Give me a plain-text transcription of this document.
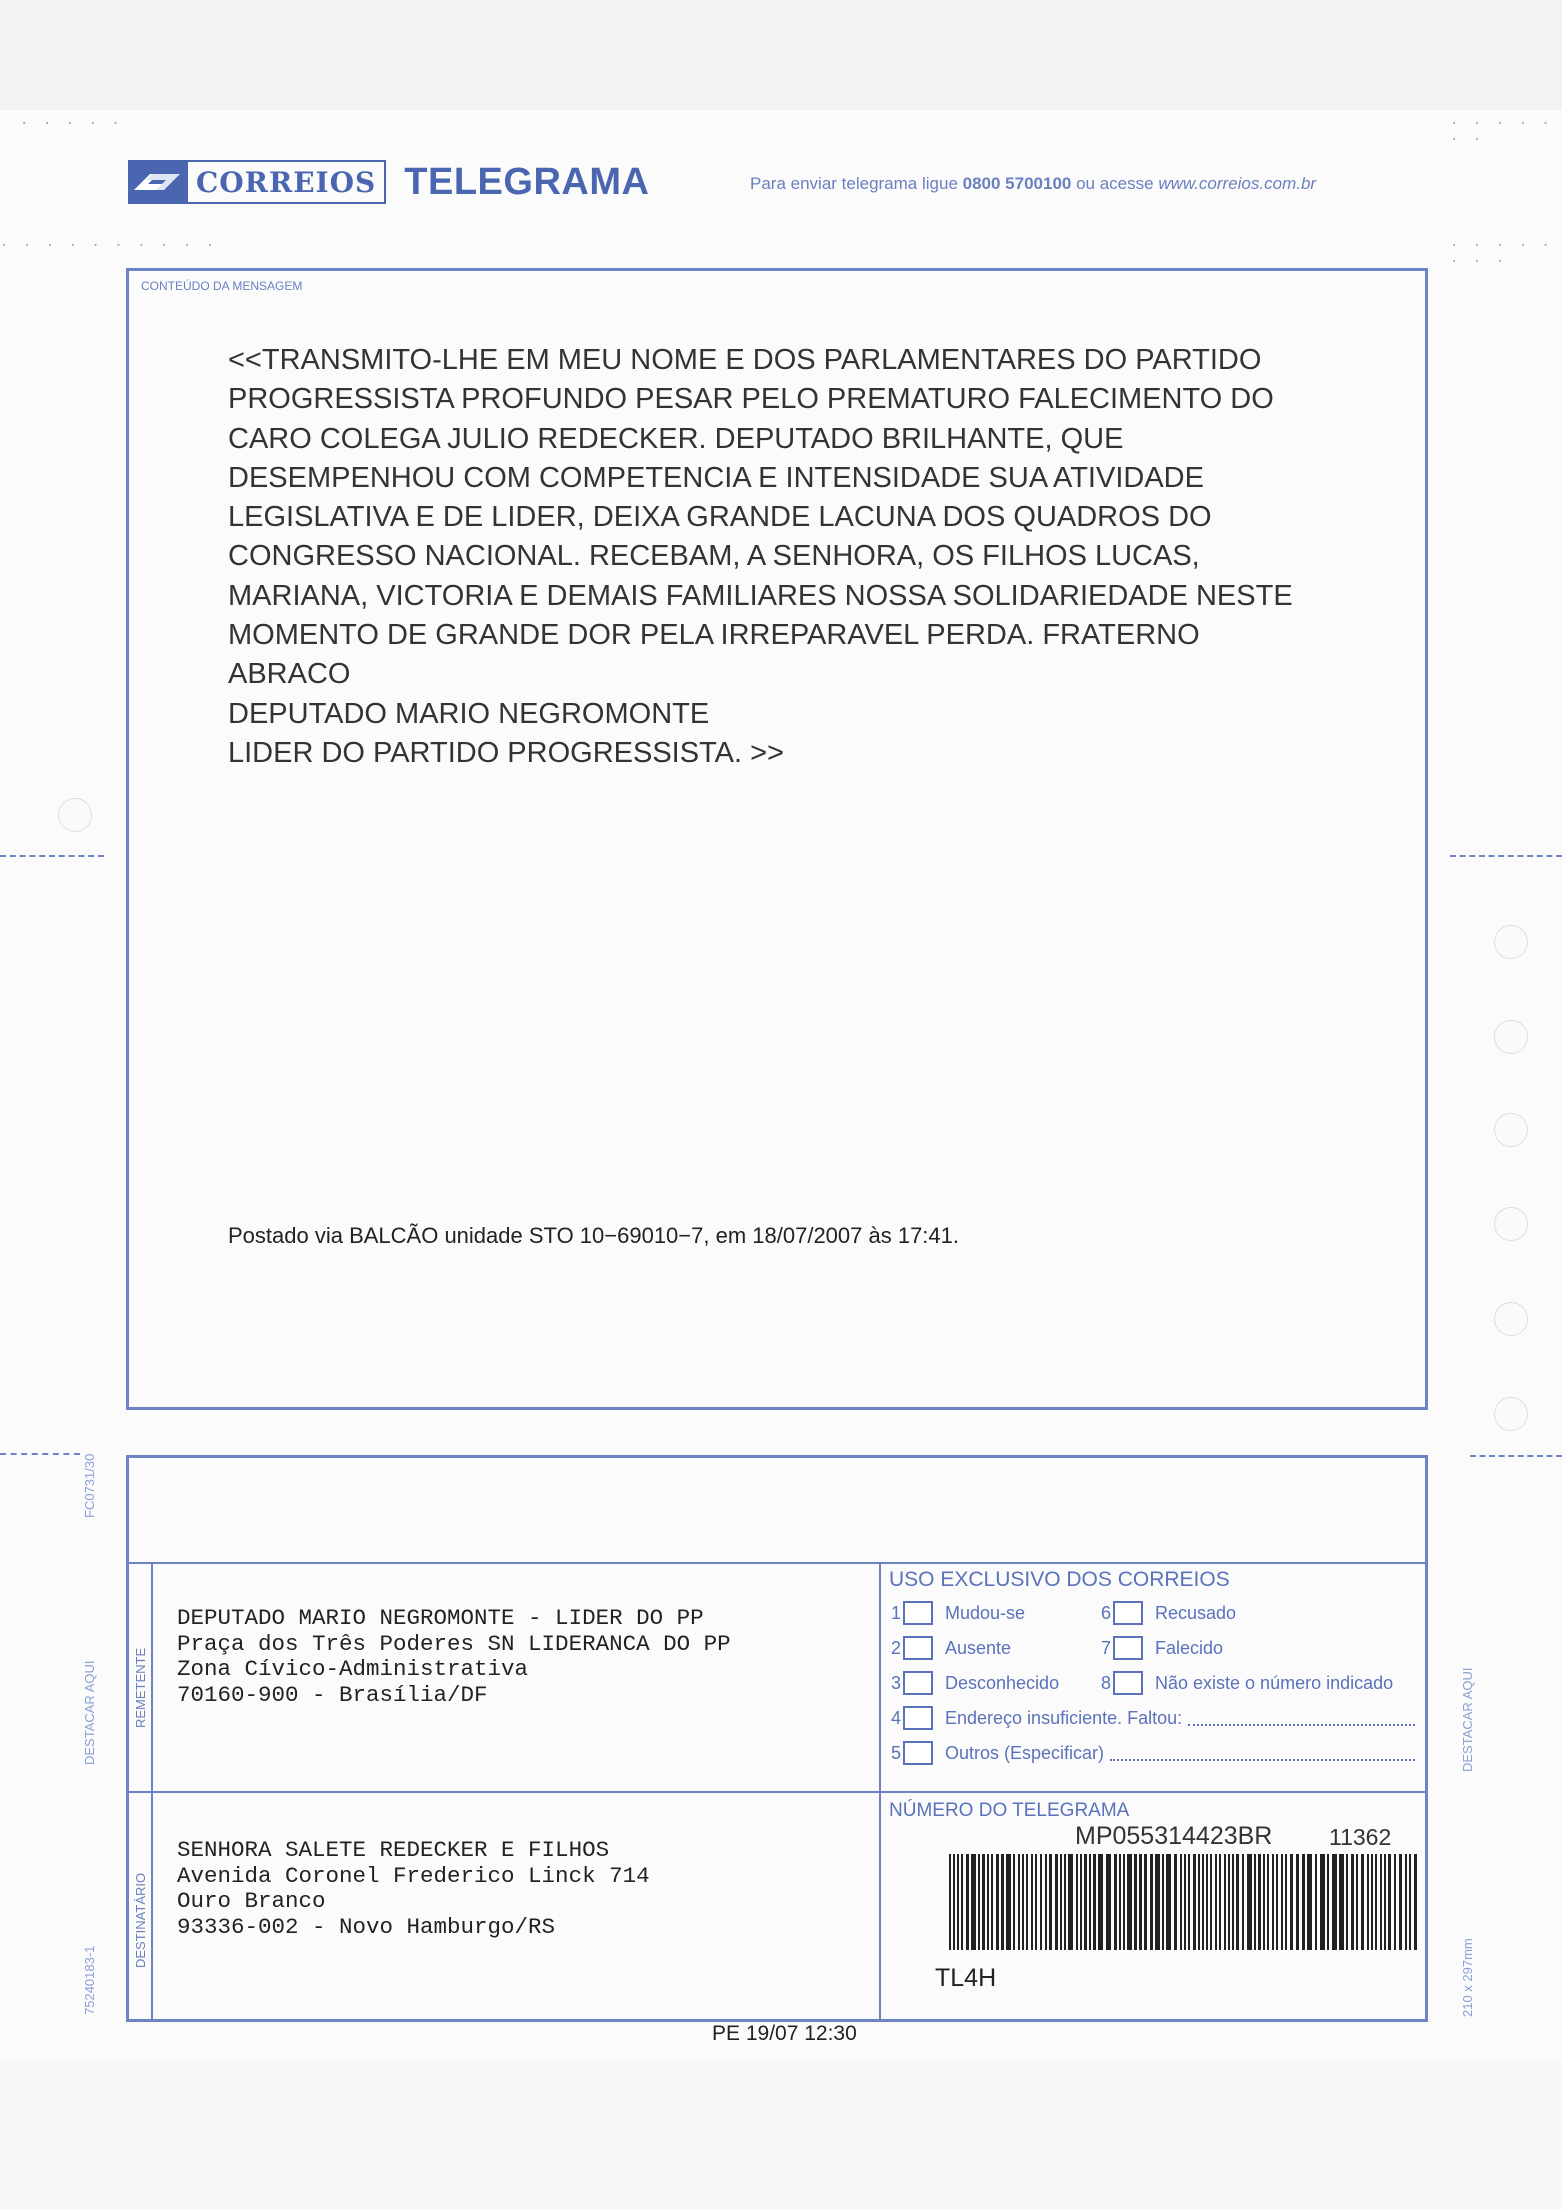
· · · · ·	· · · · · · ·
· · · · · · · · · ·	· · · · · · · ·
CORREIOS TELEGRAMA	Para enviar telegrama ligue 0800 5700100 ou acesse www.correios.com.br
CONTEÚDO DA MENSAGEM
<<TRANSMITO-LHE EM MEU NOME E DOS PARLAMENTARES DO PARTIDO
PROGRESSISTA PROFUNDO PESAR PELO PREMATURO FALECIMENTO DO
CARO COLEGA JULIO REDECKER. DEPUTADO BRILHANTE, QUE
DESEMPENHOU COM COMPETENCIA E INTENSIDADE SUA ATIVIDADE
LEGISLATIVA E DE LIDER, DEIXA GRANDE LACUNA DOS QUADROS DO
CONGRESSO NACIONAL. RECEBAM, A SENHORA, OS FILHOS LUCAS,
MARIANA, VICTORIA E DEMAIS FAMILIARES NOSSA SOLIDARIEDADE NESTE
MOMENTO DE GRANDE DOR PELA IRREPARAVEL PERDA. FRATERNO
ABRACO
DEPUTADO MARIO NEGROMONTE
LIDER DO PARTIDO PROGRESSISTA. >>
Postado via BALCÃO unidade STO 10−69010−7, em 18/07/2007 às 17:41.
REMETENTE
DESTINATÁRIO
DEPUTADO MARIO NEGROMONTE - LIDER DO PP
Praça dos Três Poderes SN LIDERANCA DO PP
Zona Cívico-Administrativa
70160-900 - Brasília/DF
SENHORA SALETE REDECKER E FILHOS
Avenida Coronel Frederico Linck 714
Ouro Branco
93336-002 - Novo Hamburgo/RS
USO EXCLUSIVO DOS CORREIOS
1 Mudou-se	6 Recusado
2 Ausente	7 Falecido
3 Desconhecido 8 Não existe o número indicado
4 Endereço insuficiente. Faltou:
5 Outros (Especificar)
NÚMERO DO TELEGRAMA
MP055314423BR 11362
TL4H
FC0731/30
DESTACAR AQUI
75240183-1
DESTACAR AQUI
210 x 297mm
PE 19/07 12:30
